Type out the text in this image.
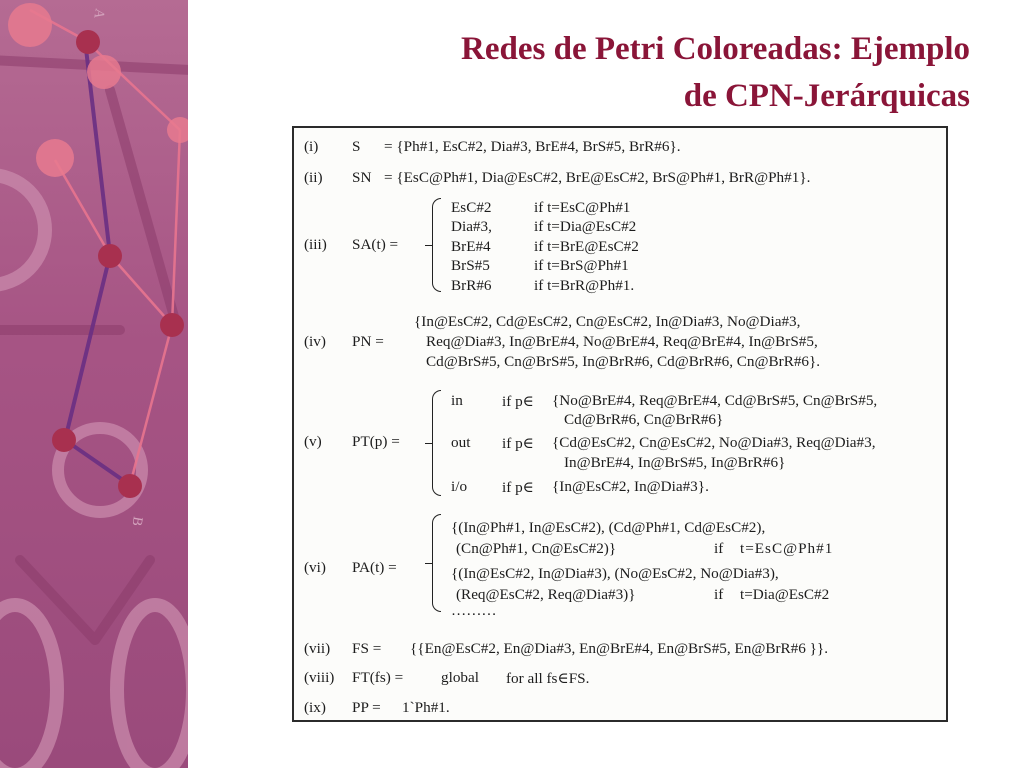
A
B
Redes de Petri Coloreadas: Ejemplo
de CPN-Jerárquicas
(i) S = {Ph#1, EsC#2, Dia#3, BrE#4, BrS#5, BrR#6}.
(ii) SN = {EsC@Ph#1, Dia@EsC#2, BrE@EsC#2, BrS@Ph#1, BrR@Ph#1}.
(iii) SA(t) =
EsC#2	if t=EsC@Ph#1
Dia#3,	if t=Dia@EsC#2
BrE#4	if t=BrE@EsC#2
BrS#5	if t=BrS@Ph#1
BrR#6	if t=BrR@Ph#1.
(iv) PN =
{In@EsC#2, Cd@EsC#2, Cn@EsC#2, In@Dia#3, No@Dia#3,
Req@Dia#3, In@BrE#4, No@BrE#4, Req@BrE#4, In@BrS#5,
Cd@BrS#5, Cn@BrS#5, In@BrR#6, Cd@BrR#6, Cn@BrR#6}.
(v) PT(p) =
in	if p∈ {No@BrE#4, Req@BrE#4, Cd@BrS#5, Cn@BrS#5,
Cd@BrR#6, Cn@BrR#6}
out if p∈ {Cd@EsC#2, Cn@EsC#2, No@Dia#3, Req@Dia#3,
In@BrE#4, In@BrS#5, In@BrR#6}
i/o if p∈ {In@EsC#2, In@Dia#3}.
(vi) PA(t) =
{(In@Ph#1, In@EsC#2), (Cd@Ph#1, Cd@EsC#2),
(Cn@Ph#1, Cn@EsC#2)}	if t=EsC@Ph#1
{(In@EsC#2, In@Dia#3), (No@EsC#2, No@Dia#3),
(Req@EsC#2, Req@Dia#3)}	if t=Dia@EsC#2
………
(vii) FS = {{En@EsC#2, En@Dia#3, En@BrE#4, En@BrS#5, En@BrR#6 }}.
(viii) FT(fs) = global for all fs∈FS.
(ix) PP = 1`Ph#1.
